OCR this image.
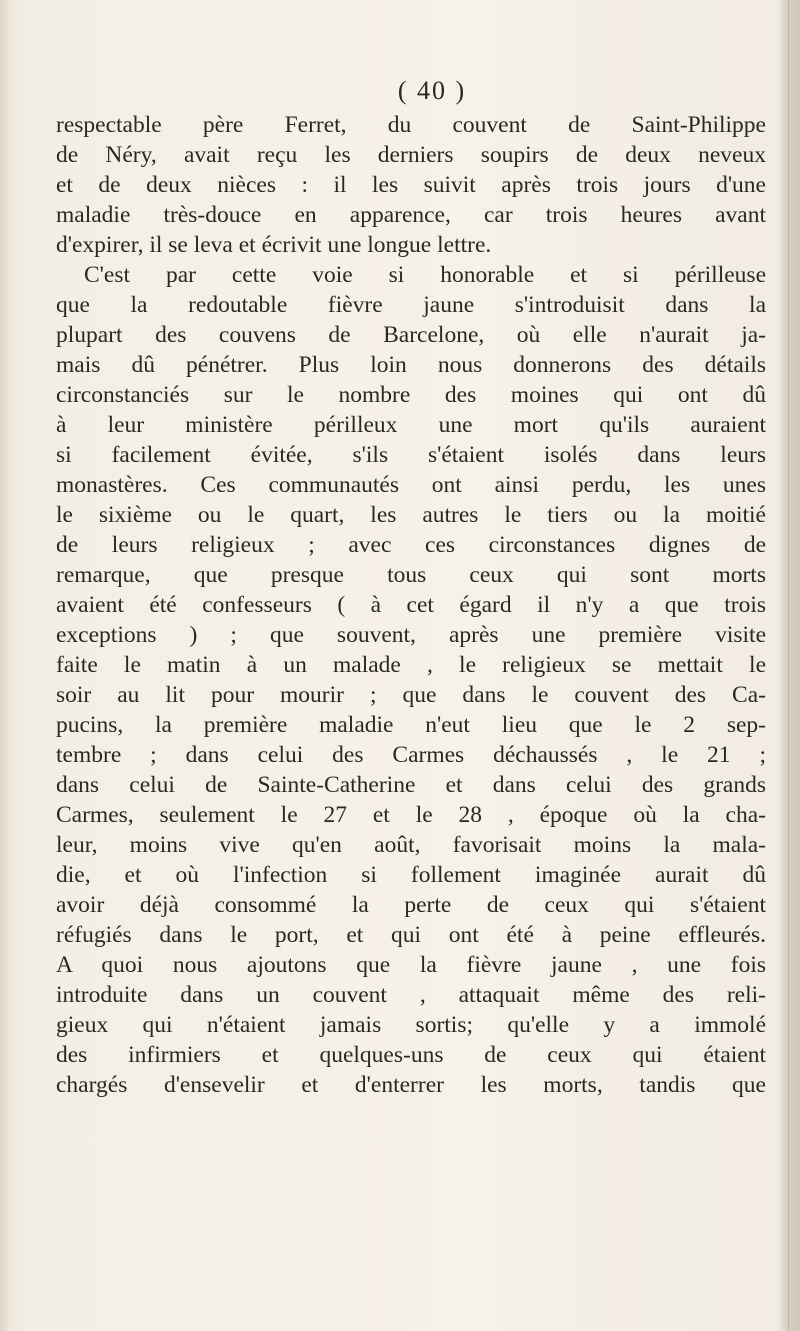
( 40 )
respectable père Ferret, du couvent de Saint-Philippe
de Néry, avait reçu les derniers soupirs de deux neveux
et de deux nièces : il les suivit après trois jours d'une
maladie très-douce en apparence, car trois heures avant
d'expirer, il se leva et écrivit une longue lettre.
C'est par cette voie si honorable et si périlleuse
que la redoutable fièvre jaune s'introduisit dans la
plupart des couvens de Barcelone, où elle n'aurait ja-
mais dû pénétrer. Plus loin nous donnerons des détails
circonstanciés sur le nombre des moines qui ont dû
à leur ministère périlleux une mort qu'ils auraient
si facilement évitée, s'ils s'étaient isolés dans leurs
monastères. Ces communautés ont ainsi perdu, les unes
le sixième ou le quart, les autres le tiers ou la moitié
de leurs religieux ; avec ces circonstances dignes de
remarque, que presque tous ceux qui sont morts
avaient été confesseurs ( à cet égard il n'y a que trois
exceptions ) ; que souvent, après une première visite
faite le matin à un malade , le religieux se mettait le
soir au lit pour mourir ; que dans le couvent des Ca-
pucins, la première maladie n'eut lieu que le 2 sep-
tembre ; dans celui des Carmes déchaussés , le 21 ;
dans celui de Sainte-Catherine et dans celui des grands
Carmes, seulement le 27 et le 28 , époque où la cha-
leur, moins vive qu'en août, favorisait moins la mala-
die, et où l'infection si follement imaginée aurait dû
avoir déjà consommé la perte de ceux qui s'étaient
réfugiés dans le port, et qui ont été à peine effleurés.
A quoi nous ajoutons que la fièvre jaune , une fois
introduite dans un couvent , attaquait même des reli-
gieux qui n'étaient jamais sortis; qu'elle y a immolé
des infirmiers et quelques-uns de ceux qui étaient
chargés d'ensevelir et d'enterrer les morts, tandis que
